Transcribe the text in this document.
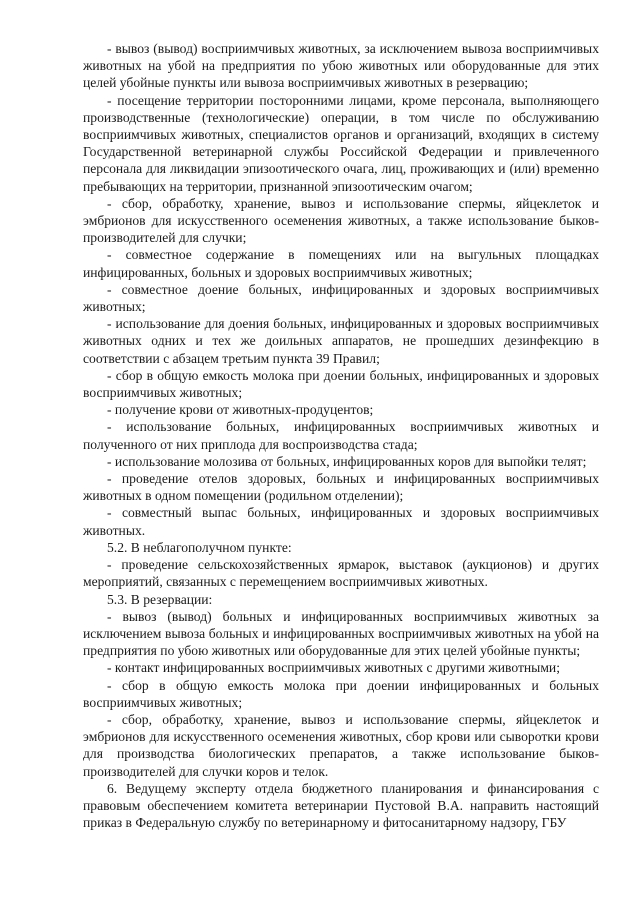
- вывоз (вывод) восприимчивых животных, за исключением вывоза восприимчивых животных на убой на предприятия по убою животных или оборудованные для этих целей убойные пункты или вывоза восприимчивых животных в резервацию;

- посещение территории посторонними лицами, кроме персонала, выполняющего производственные (технологические) операции, в том числе по обслуживанию восприимчивых животных, специалистов органов и организаций, входящих в систему Государственной ветеринарной службы Российской Федерации и привлеченного персонала для ликвидации эпизоотического очага, лиц, проживающих и (или) временно пребывающих на территории, признанной эпизоотическим очагом;

- сбор, обработку, хранение, вывоз и использование спермы, яйцеклеток и эмбрионов для искусственного осеменения животных, а также использование быков-производителей для случки;

- совместное содержание в помещениях или на выгульных площадках инфицированных, больных и здоровых восприимчивых животных;

- совместное доение больных, инфицированных и здоровых восприимчивых животных;

- использование для доения больных, инфицированных и здоровых восприимчивых животных одних и тех же доильных аппаратов, не прошедших дезинфекцию в соответствии с абзацем третьим пункта 39 Правил;

- сбор в общую емкость молока при доении больных, инфицированных и здоровых восприимчивых животных;

- получение крови от животных-продуцентов;

- использование больных, инфицированных восприимчивых животных и полученного от них приплода для воспроизводства стада;

- использование молозива от больных, инфицированных коров для выпойки телят;

- проведение отелов здоровых, больных и инфицированных восприимчивых животных в одном помещении (родильном отделении);

- совместный выпас больных, инфицированных и здоровых восприимчивых животных.

5.2. В неблагополучном пункте:

- проведение сельскохозяйственных ярмарок, выставок (аукционов) и других мероприятий, связанных с перемещением восприимчивых животных.

5.3. В резервации:

- вывоз (вывод) больных и инфицированных восприимчивых животных за исключением вывоза больных и инфицированных восприимчивых животных на убой на предприятия по убою животных или оборудованные для этих целей убойные пункты;

- контакт инфицированных восприимчивых животных с другими животными;

- сбор в общую емкость молока при доении инфицированных и больных восприимчивых животных;

- сбор, обработку, хранение, вывоз и использование спермы, яйцеклеток и эмбрионов для искусственного осеменения животных, сбор крови или сыворотки крови для производства биологических препаратов, а также использование быков-производителей для случки коров и телок.

6. Ведущему эксперту отдела бюджетного планирования и финансирования с правовым обеспечением комитета ветеринарии Пустовой В.А. направить настоящий приказ в Федеральную службу по ветеринарному и фитосанитарному надзору, ГБУ
